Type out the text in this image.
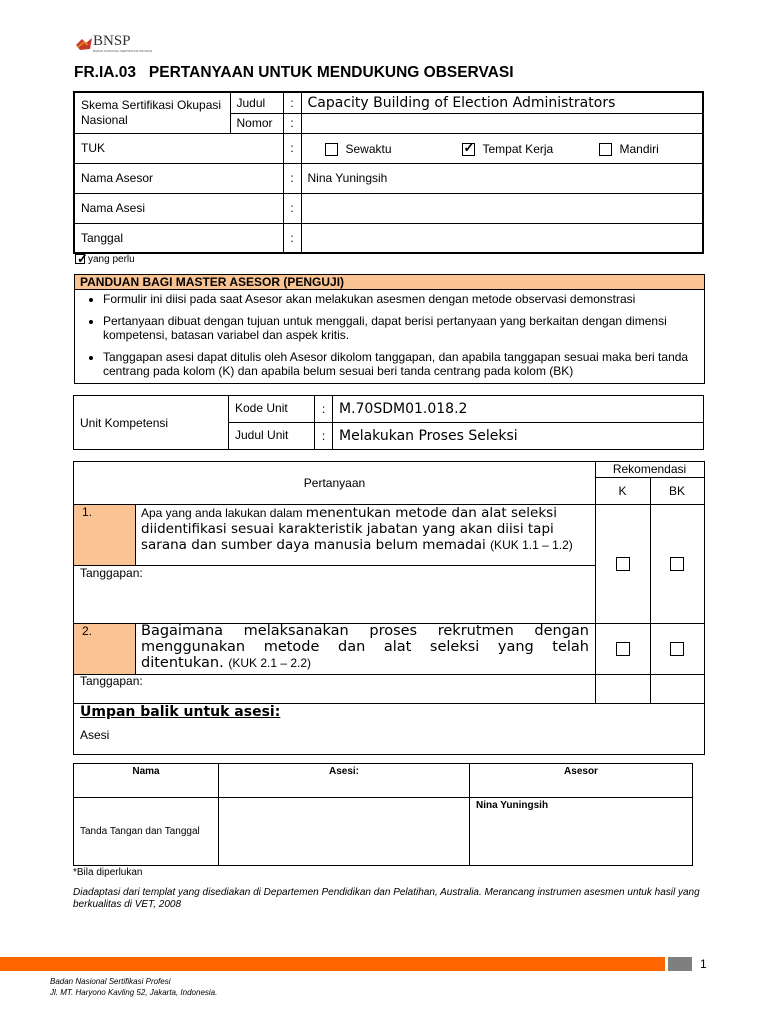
BNSP
BADAN NASIONAL SERTIFIKASI PROFESI
FR.IA.03   PERTANYAAN UNTUK MENDUKUNG OBSERVASI
Skema Sertifikasi Okupasi Nasional	Judul	:	Capacity Building of Election Administrators
	Nomor	:	
TUK		:	Sewaktu ✓ Tempat Kerja Mandiri

Nama Asesor		:	Nina Yuningsih
Nama Asesi		:	
Tanggal		:	
✓yang perlu
PANDUAN BAGI MASTER ASESOR (PENGUJI)
• Formulir ini diisi pada saat Asesor akan melakukan asesmen dengan metode observasi demonstrasi
• Pertanyaan dibuat dengan tujuan untuk menggali, dapat berisi pertanyaan yang berkaitan dengan dimensi kompetensi, batasan variabel dan aspek kritis.
• Tanggapan asesi dapat ditulis oleh Asesor dikolom tanggapan, dan apabila tanggapan sesuai maka beri tanda centrang pada kolom (K) dan apabila belum sesuai beri tanda centrang pada kolom (BK)
Unit Kompetensi	Kode Unit	:	M.70SDM01.018.2
	Judul Unit	:	Melakukan Proses Seleksi
Pertanyaan
Rekomendasi
K	BK
1.	Apa yang anda lakukan dalam menentukan metode dan alat seleksi diidentifikasi sesuai karakteristik jabatan yang akan diisi tapi sarana dan sumber daya manusia belum memadai (KUK 1.1 – 1.2)
Tanggapan:
2.	Bagaimana melaksanakan proses rekrutmen dengan menggunakan metode dan alat seleksi yang telah ditentukan. (KUK 2.1 – 2.2)
Tanggapan:
Umpan balik untuk asesi:
Asesi
Nama	Asesi:	Asesor
Tanda Tangan dan Tanggal		Nina Yuningsih
*Bila diperlukan
Diadaptasi dari templat yang disediakan di Departemen Pendidikan dan Pelatihan, Australia. Merancang instrumen asesmen untuk hasil yang berkualitas di VET, 2008
1
Badan Nasional Sertifikasi Profesi
Jl. MT. Haryono Kavling 52, Jakarta, Indonesia.
